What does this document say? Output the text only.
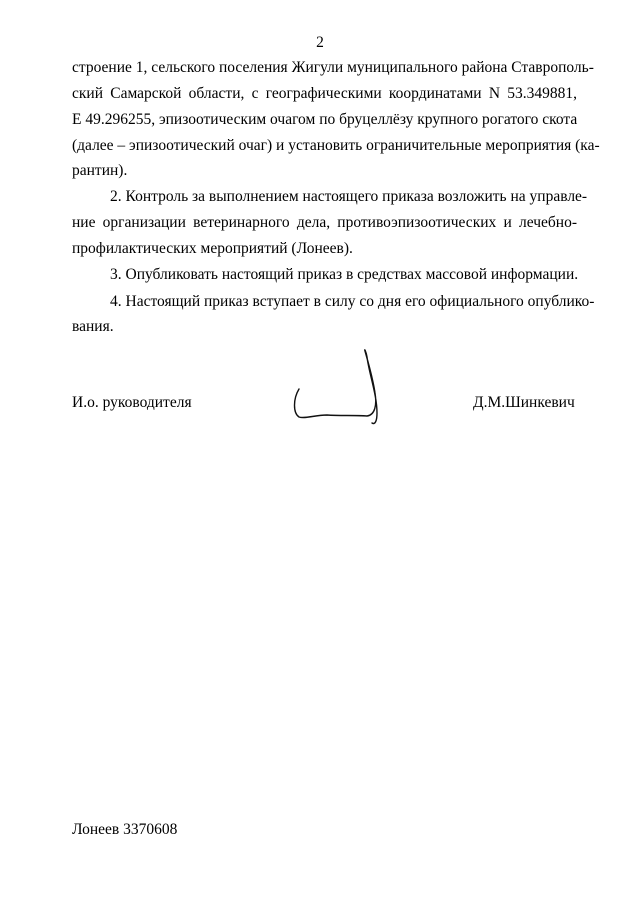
2
строение 1, сельского поселения Жигули муниципального района Ставрополь-
ский Самарской области, с географическими координатами N 53.349881,
E 49.296255, эпизоотическим очагом по бруцеллёзу крупного рогатого скота
(далее – эпизоотический очаг) и установить ограничительные мероприятия (ка-
рантин).
2. Контроль за выполнением настоящего приказа возложить на управле-
ние организации ветеринарного дела, противоэпизоотических и лечебно-
профилактических мероприятий (Лонеев).
3. Опубликовать настоящий приказ в средствах массовой информации.
4. Настоящий приказ вступает в силу со дня его официального опублико-
вания.
И.о. руководителя	Д.М.Шинкевич
Лонеев 3370608
